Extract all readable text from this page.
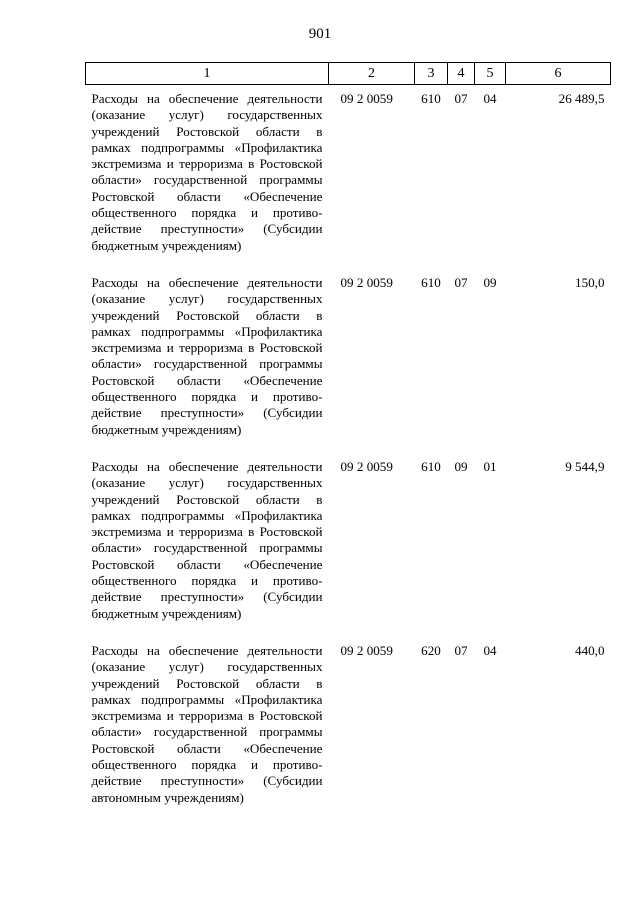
901
1	2	3	4	5	6
Расходы на обеспечение деятельности (оказание услуг) государственных учреждений Ростовской области в рамках подпрограммы «Профилактика экстремизма и терроризма в Ростовской области» государственной программы Ростовской области «Обеспечение общественного порядка и противодействие преступности» (Субсидии бюджетным учреждениям)	09 2 0059	610	07	04	26 489,5
Расходы на обеспечение деятельности (оказание услуг) государственных учреждений Ростовской области в рамках подпрограммы «Профилактика экстремизма и терроризма в Ростовской области» государственной программы Ростовской области «Обеспечение общественного порядка и противодействие преступности» (Субсидии бюджетным учреждениям)	09 2 0059	610	07	09	150,0
Расходы на обеспечение деятельности (оказание услуг) государственных учреждений Ростовской области в рамках подпрограммы «Профилактика экстремизма и терроризма в Ростовской области» государственной программы Ростовской области «Обеспечение общественного порядка и противодействие преступности» (Субсидии бюджетным учреждениям)	09 2 0059	610	09	01	9 544,9
Расходы на обеспечение деятельности (оказание услуг) государственных учреждений Ростовской области в рамках подпрограммы «Профилактика экстремизма и терроризма в Ростовской области» государственной программы Ростовской области «Обеспечение общественного порядка и противодействие преступности» (Субсидии автономным учреждениям)	09 2 0059	620	07	04	440,0
